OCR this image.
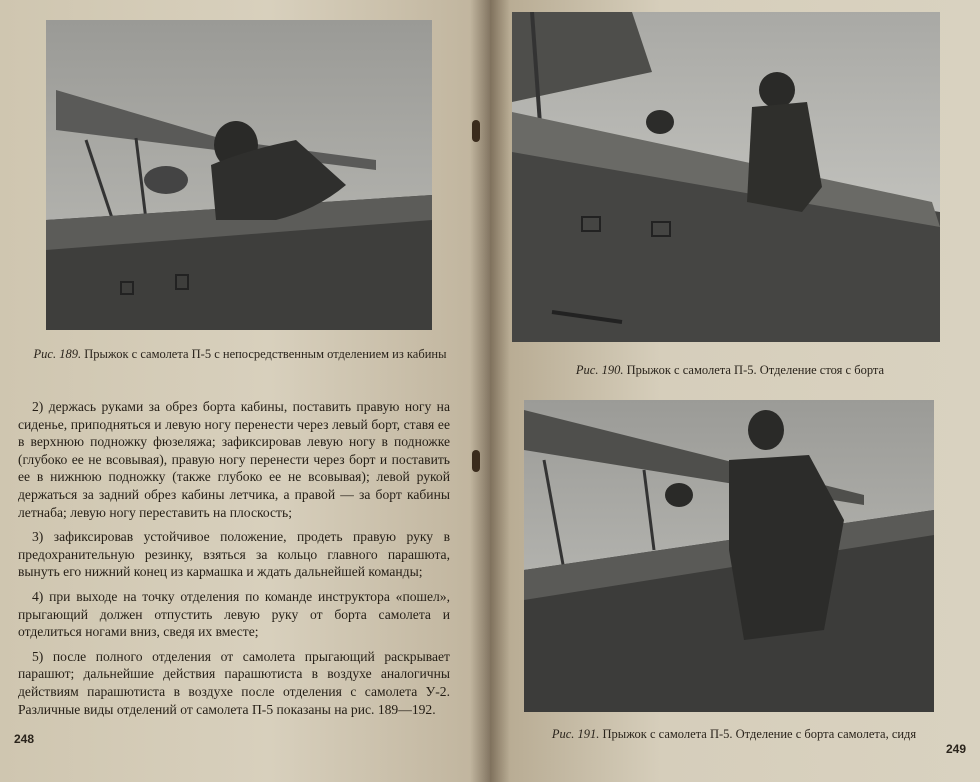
Рис. 189. Прыжок с самолета П-5 с непосредственным отделением из кабины

2) держась руками за обрез борта кабины, поставить правую ногу на сиденье, приподняться и левую ногу перенести через левый борт, ставя ее в верхнюю подножку фюзеляжа; зафиксировав левую ногу в подножке (глубоко ее не всовывая), правую ногу перенести через борт и поставить ее в нижнюю подножку (также глубоко ее не всовывая); левой рукой держаться за задний обрез кабины летчика, а правой — за борт кабины летнаба; левую ногу переставить на плоскость;

3) зафиксировав устойчивое положение, продеть правую руку в предохранительную резинку, взяться за кольцо главного парашюта, вынуть его нижний конец из кармашка и ждать дальнейшей команды;

4) при выходе на точку отделения по команде инструктора «пошел», прыгающий должен отпустить левую руку от борта самолета и отделиться ногами вниз, сведя их вместе;

5) после полного отделения от самолета прыгающий раскрывает парашют; дальнейшие действия парашютиста в воздухе аналогичны действиям парашютиста в воздухе после отделения с самолета У-2. Различные виды отделений от самолета П-5 показаны на рис. 189—192.

248
Рис. 190. Прыжок с самолета П-5. Отделение стоя с борта
Рис. 191. Прыжок с самолета П-5. Отделение с борта самолета, сидя
249
